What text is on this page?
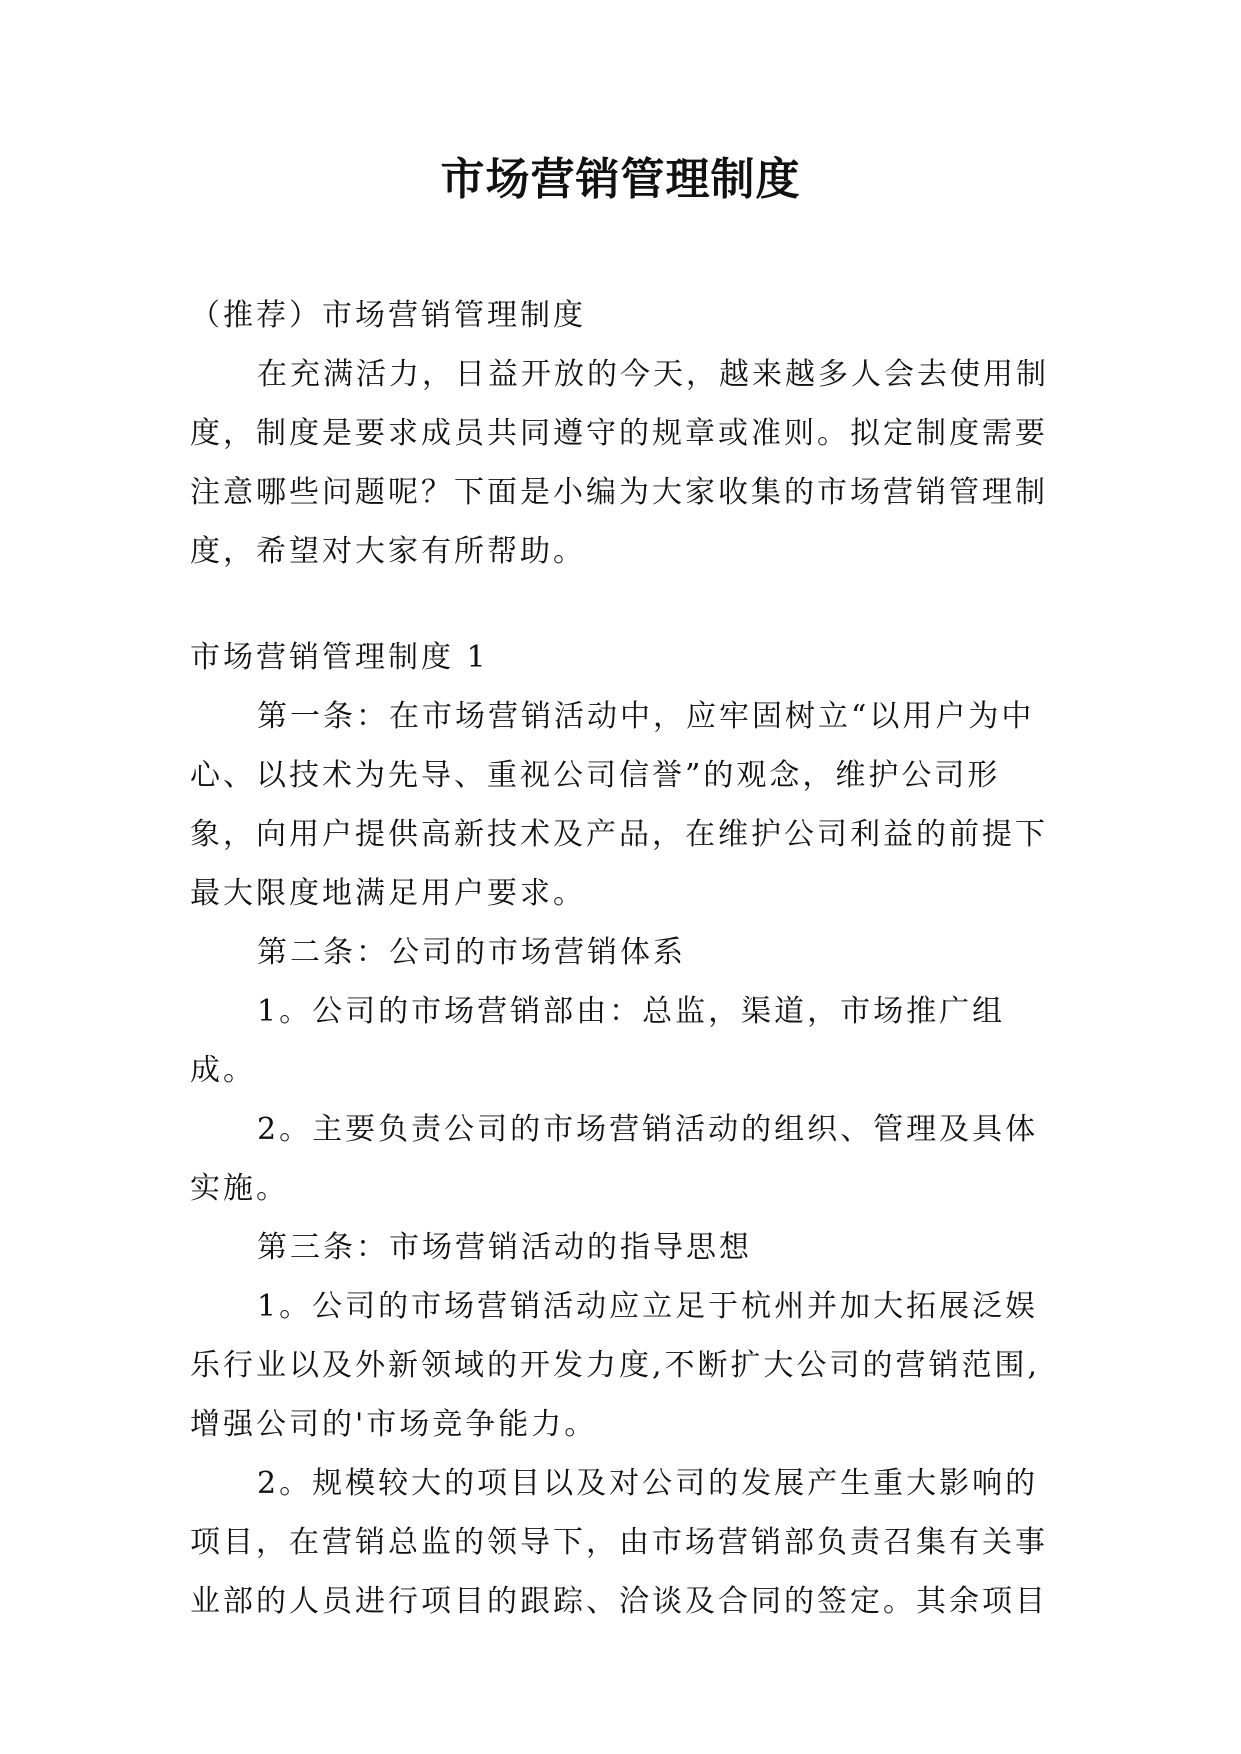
市场营销管理制度

（推荐）市场营销管理制度

在充满活力，日益开放的今天，越来越多人会去使用制度，制度是要求成员共同遵守的规章或准则。拟定制度需要注意哪些问题呢？下面是小编为大家收集的市场营销管理制度，希望对大家有所帮助。

市场营销管理制度 1

第一条：在市场营销活动中，应牢固树立“以用户为中心、以技术为先导、重视公司信誉”的观念，维护公司形象，向用户提供高新技术及产品，在维护公司利益的前提下最大限度地满足用户要求。

第二条：公司的市场营销体系

1。公司的市场营销部由：总监，渠道，市场推广组成。

2。主要负责公司的市场营销活动的组织、管理及具体实施。

第三条：市场营销活动的指导思想

1。公司的市场营销活动应立足于杭州并加大拓展泛娱乐行业以及外新领域的开发力度,不断扩大公司的营销范围,增强公司的'市场竞争能力。

2。规模较大的项目以及对公司的发展产生重大影响的项目，在营销总监的领导下，由市场营销部负责召集有关事业部的人员进行项目的跟踪、洽谈及合同的签定。其余项目
